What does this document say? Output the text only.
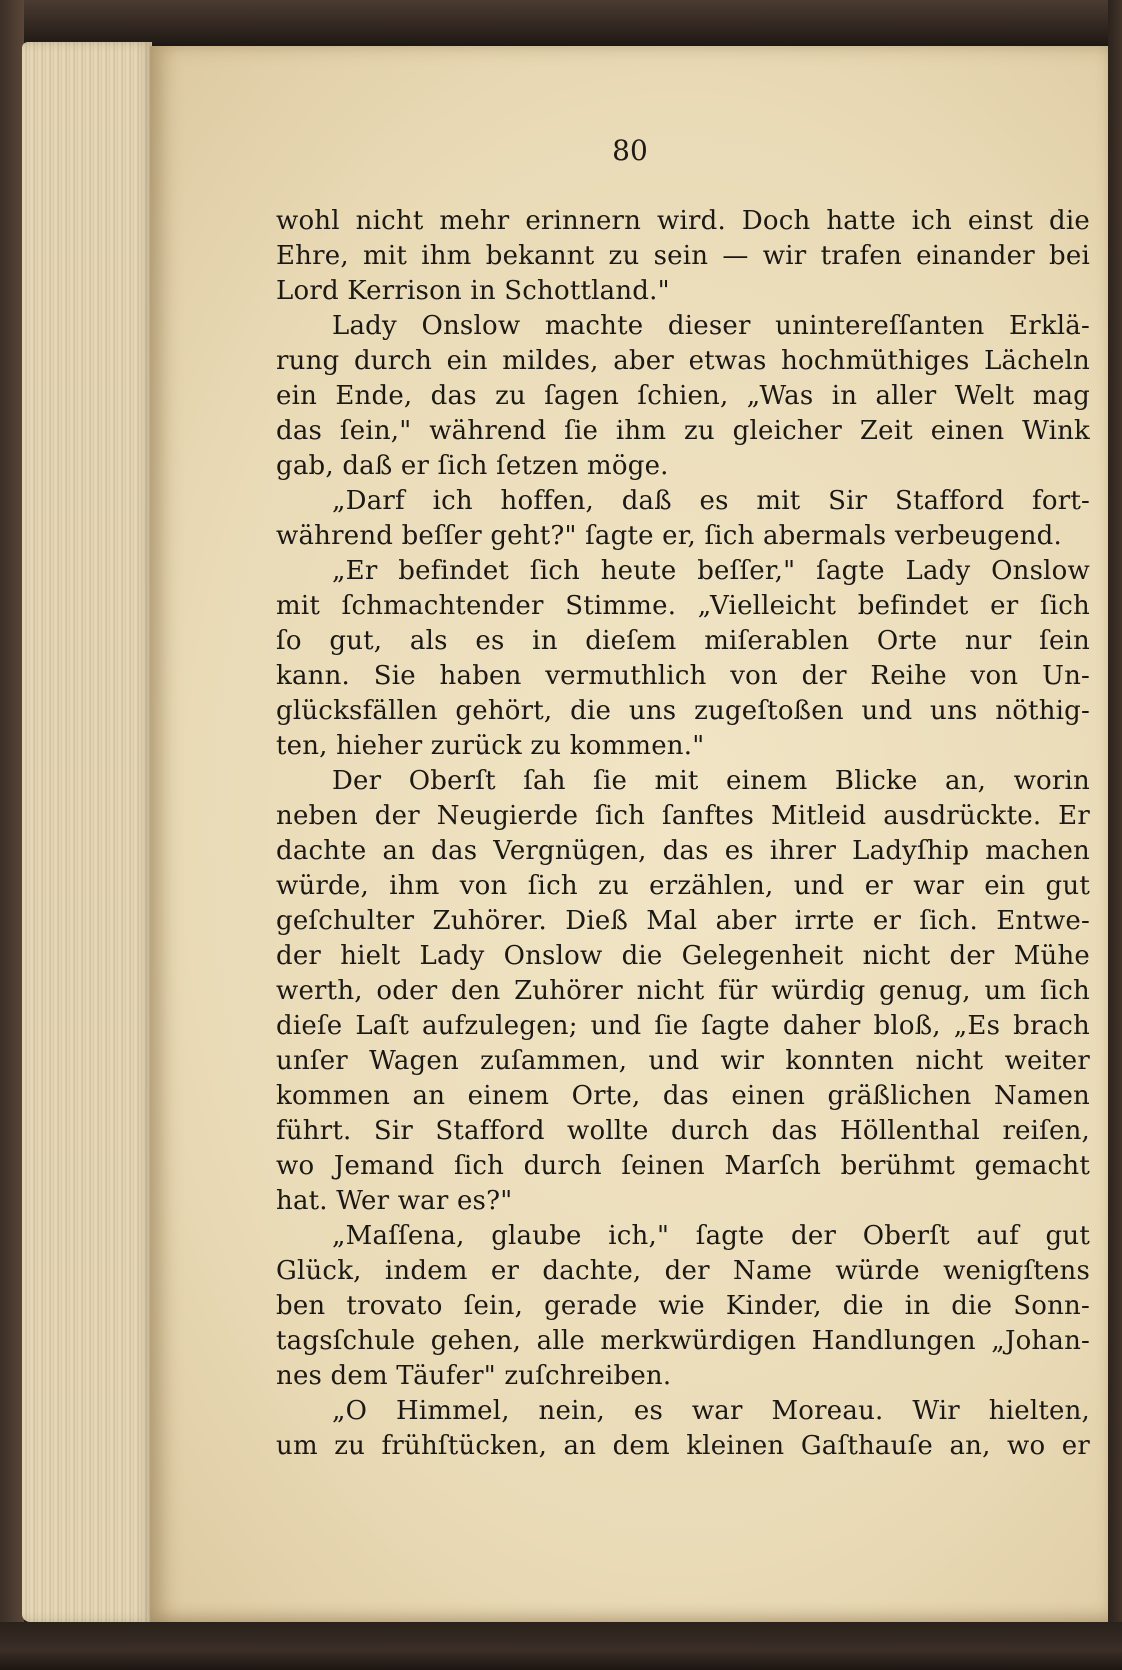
80
wohl nicht mehr erinnern wird. Doch hatte ich einst die
Ehre, mit ihm bekannt zu sein — wir trafen einander bei
Lord Kerrison in Schottland."
Lady Onslow machte dieser unintereſſanten Erklä-
rung durch ein mildes, aber etwas hochmüthiges Lächeln
ein Ende, das zu ſagen ſchien, „Was in aller Welt mag
das ſein," während ſie ihm zu gleicher Zeit einen Wink
gab, daß er ſich ſetzen möge.
„Darf ich hoffen, daß es mit Sir Stafford fort-
während beſſer geht?" ſagte er, ſich abermals verbeugend.
„Er befindet ſich heute beſſer," ſagte Lady Onslow
mit ſchmachtender Stimme. „Vielleicht befindet er ſich
ſo gut, als es in dieſem miſerablen Orte nur ſein
kann. Sie haben vermuthlich von der Reihe von Un-
glücksfällen gehört, die uns zugeſtoßen und uns nöthig-
ten, hieher zurück zu kommen."
Der Oberſt ſah ſie mit einem Blicke an, worin
neben der Neugierde ſich ſanftes Mitleid ausdrückte. Er
dachte an das Vergnügen, das es ihrer Ladyſhip machen
würde, ihm von ſich zu erzählen, und er war ein gut
geſchulter Zuhörer. Dieß Mal aber irrte er ſich. Entwe-
der hielt Lady Onslow die Gelegenheit nicht der Mühe
werth, oder den Zuhörer nicht für würdig genug, um ſich
dieſe Laſt aufzulegen; und ſie ſagte daher bloß, „Es brach
unſer Wagen zuſammen, und wir konnten nicht weiter
kommen an einem Orte, das einen gräßlichen Namen
führt. Sir Stafford wollte durch das Höllenthal reiſen,
wo Jemand ſich durch ſeinen Marſch berühmt gemacht
hat. Wer war es?"
„Maſſena, glaube ich," ſagte der Oberſt auf gut
Glück, indem er dachte, der Name würde wenigſtens
ben trovato ſein, gerade wie Kinder, die in die Sonn-
tagsſchule gehen, alle merkwürdigen Handlungen „Johan-
nes dem Täufer" zuſchreiben.
„O Himmel, nein, es war Moreau. Wir hielten,
um zu frühſtücken, an dem kleinen Gaſthauſe an, wo er
